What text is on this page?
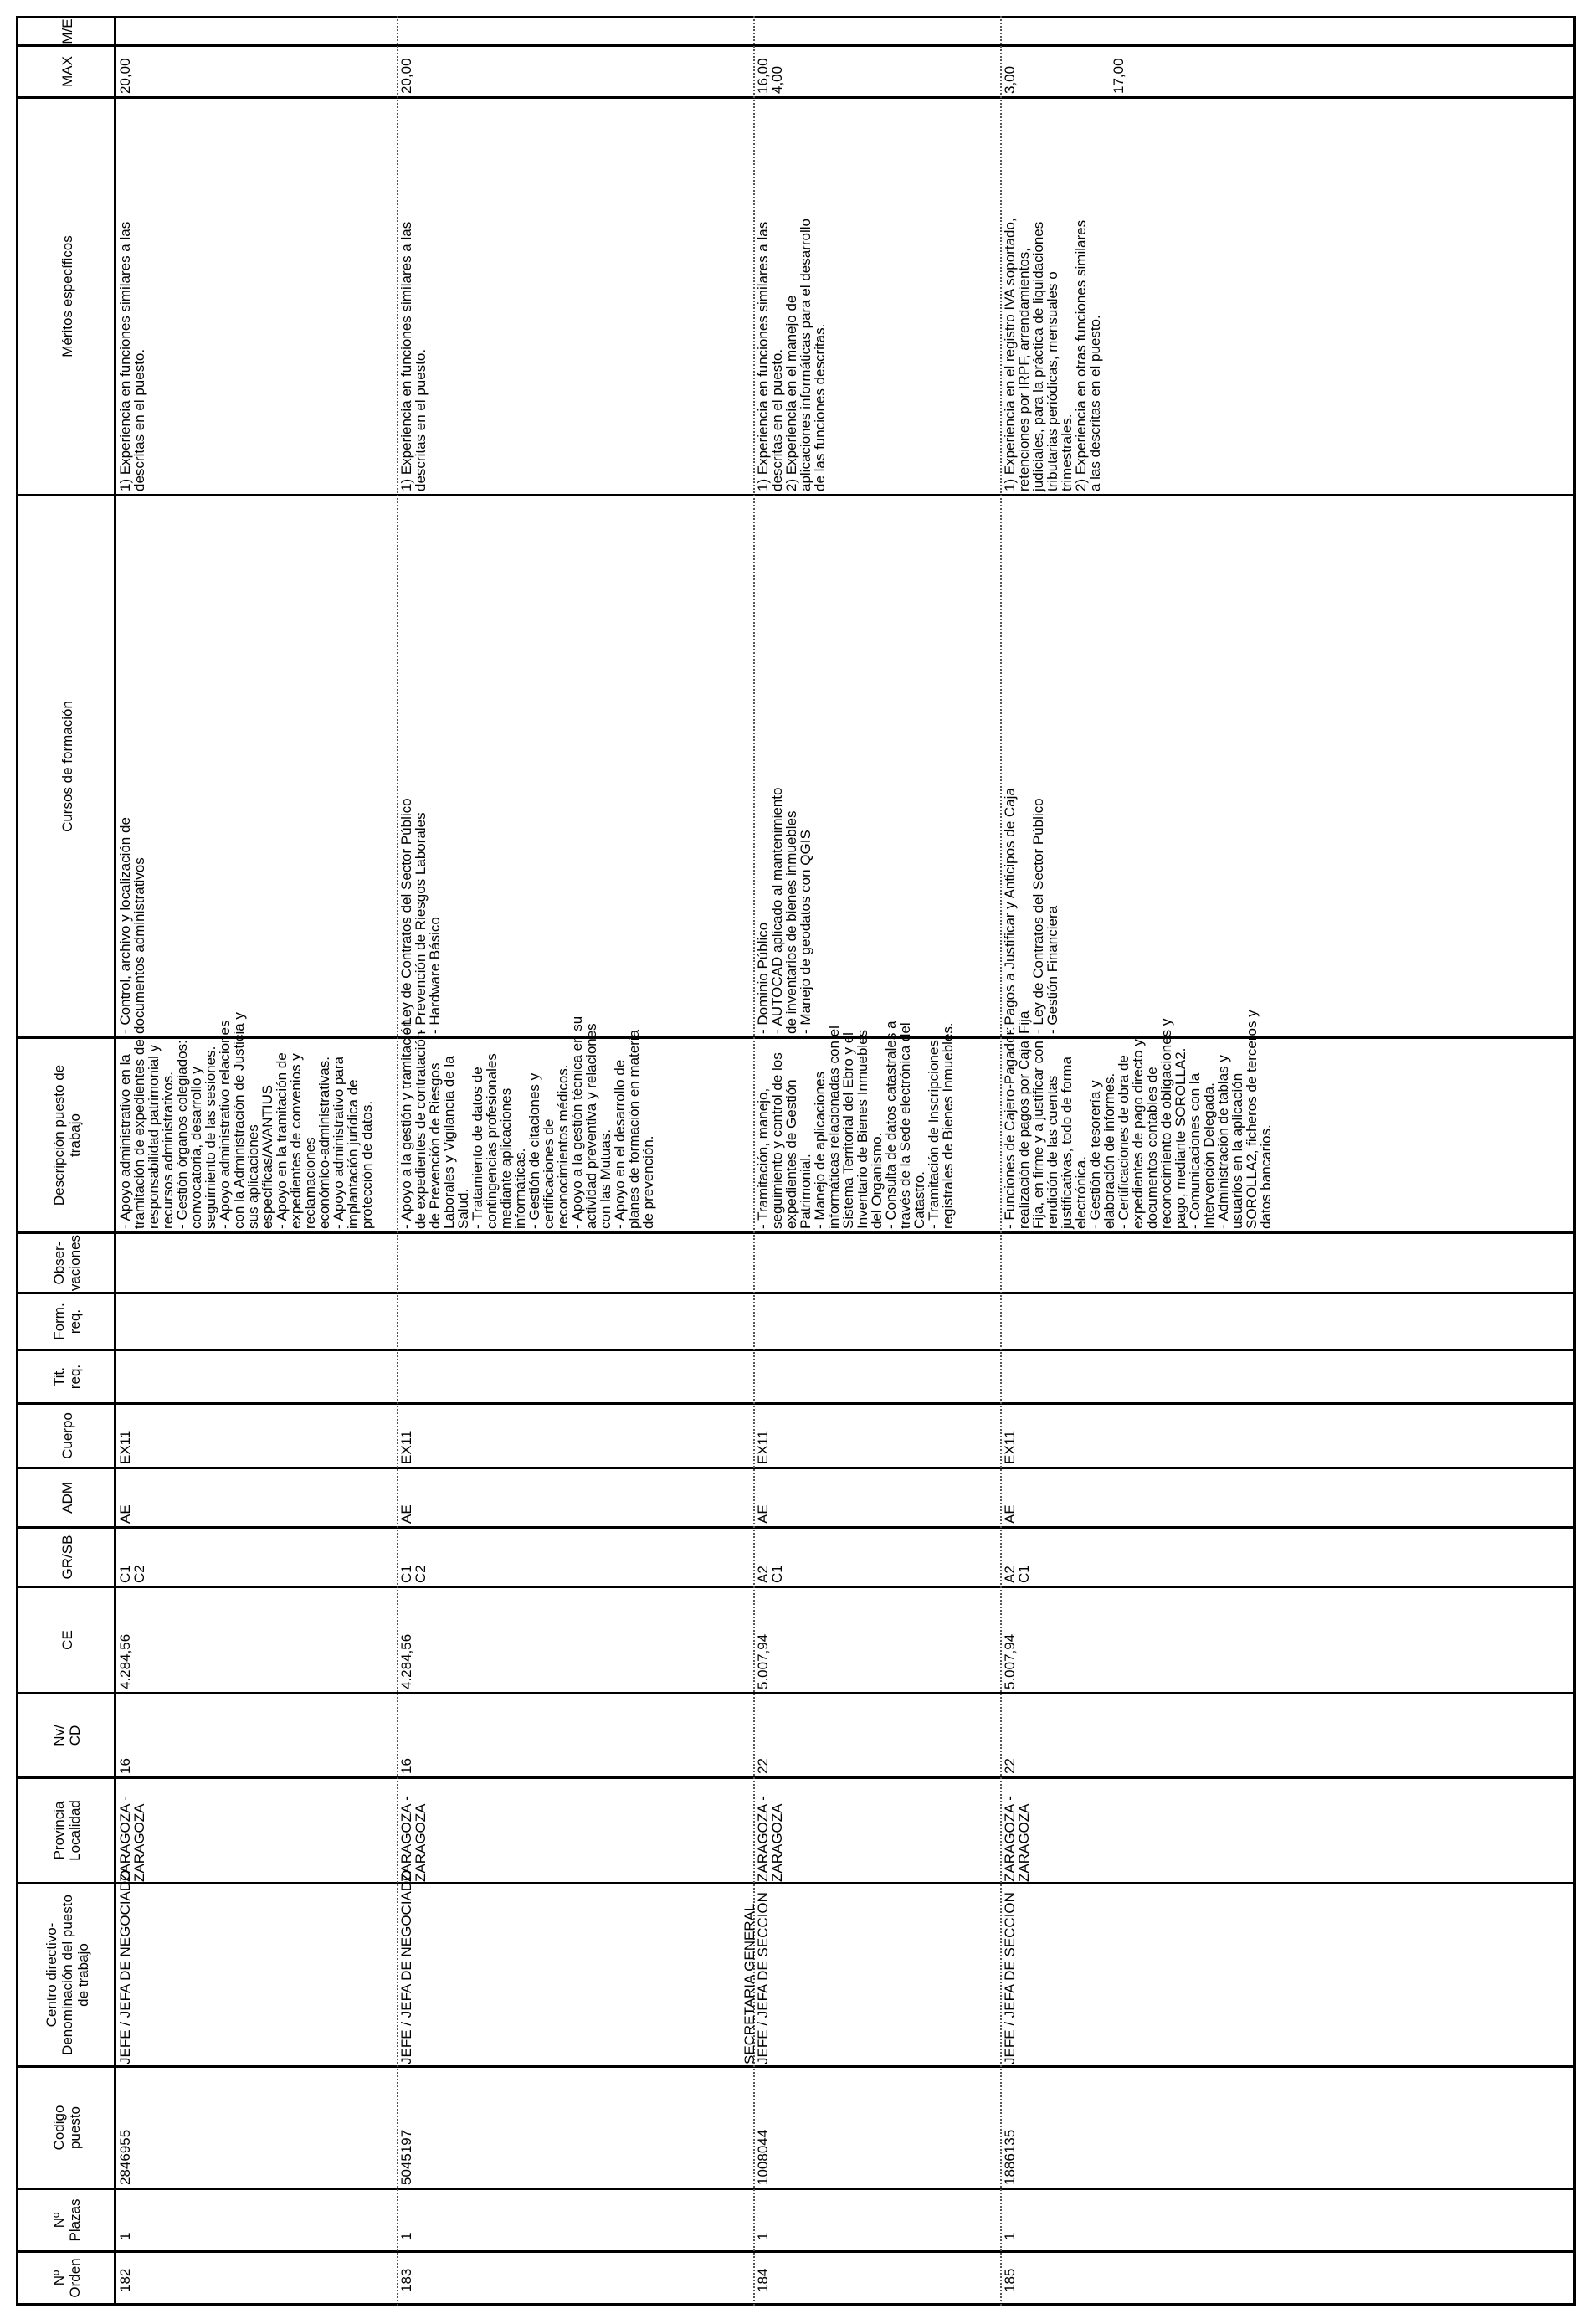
Nº
Orden
Nº
Plazas
Codigo
puesto
Centro directivo-
Denominación del puesto
de trabajo
Provincia
Localidad
Nv/
CD
CE
GR/SB
ADM
Cuerpo
Tit.
req.
Form.
req.
Obser-
vaciones
Descripción puesto de
trabajo
Cursos de formación
Méritos específicos
MAX
M/E
182
1
2846955
JEFE / JEFA DE NEGOCIADO
ZARAGOZA -
ZARAGOZA
16
4.284,56
C1
C2
AE
EX11
- Apoyo administrativo en la
tramitación de expedientes de
responsabilidad patrimonial y
recursos administrativos.
- Gestión órganos colegiados:
convocatoria, desarrollo y
seguimiento de las sesiones.
- Apoyo administrativo relaciones
con la Administración de Justicia y
sus aplicaciones
específicas/AVANTIUS
- Apoyo en la tramitación de
expedientes de convenios y
reclamaciones
económico-administrativas.
- Apoyo administrativo para
implantación jurídica de
protección de datos.
- Control, archivo y localización de
documentos administrativos
1) Experiencia en funciones similares a las
descritas en el puesto.
20,00
183
1
5045197
JEFE / JEFA DE NEGOCIADO
ZARAGOZA -
ZARAGOZA
16
4.284,56
C1
C2
AE
EX11
- Apoyo a la gestión y tramitación
de expedientes de contratación
de Prevención de Riesgos
Laborales y Vigilancia de la
Salud.
- Tratamiento de datos de
contingencias profesionales
mediante aplicaciones
informáticas.
- Gestión de citaciones y
certificaciones de
reconocimientos médicos.
- Apoyo a la gestión técnica en su
actividad preventiva y relaciones
con las Mutuas.
- Apoyo en el desarrollo de
planes de formación en materia
de prevención.
- Ley de Contratos del Sector Público
- Prevención de Riesgos Laborales
- Hardware Básico
1) Experiencia en funciones similares a las
descritas en el puesto.
20,00
SECRETARIA GENERAL
184
1
1008044
JEFE / JEFA DE SECCION
ZARAGOZA -
ZARAGOZA
22
5.007,94
A2
C1
AE
EX11
- Tramitación, manejo,
seguimiento y control de los
expedientes de Gestión
Patrimonial.
- Manejo de aplicaciones
informáticas relacionadas con el
Sistema Territorial del Ebro y el
Inventario de Bienes Inmuebles
del Organismo.
- Consulta de datos catastrales a
través de la Sede electrónica del
Catastro.
- Tramitación de Inscripciones
registrales de Bienes Inmuebles.
- Dominio Público
- AUTOCAD aplicado al mantenimiento
de inventarios de bienes inmuebles
- Manejo de geodatos con QGIS
1) Experiencia en funciones similares a las
descritas en el puesto.
2) Experiencia en el manejo de
aplicaciones informáticas para el desarrollo
de las funciones descritas.
16,00
4,00
185
1
1886135
JEFE / JEFA DE SECCION
ZARAGOZA -
ZARAGOZA
22
5.007,94
A2
C1
AE
EX11
- Funciones de Cajero-Pagador:
realización de pagos por Caja
Fija, en firme y a justificar con
rendición de las cuentas
justificativas, todo de forma
electrónica.
- Gestión de tesorería y
elaboración de informes.
- Certificaciones de obra de
expedientes de pago directo y
documentos contables de
reconocimiento de obligaciones y
pago, mediante SOROLLA2.
- Comunicaciones con la
Intervención Delegada.
- Administración de tablas y
usuarios en la aplicación
SOROLLA2, ficheros de terceros y
datos bancarios.
- Pagos a Justificar y Anticipos de Caja
Fija
- Ley de Contratos del Sector Público
- Gestión Financiera
1) Experiencia en el registro IVA soportado,
retenciones por IRPF, arrendamientos,
judiciales, para la práctica de liquidaciones
tributarias periódicas, mensuales o
trimestrales.
2) Experiencia en otras funciones similares
a las descritas en el puesto.
3,00	17,00
